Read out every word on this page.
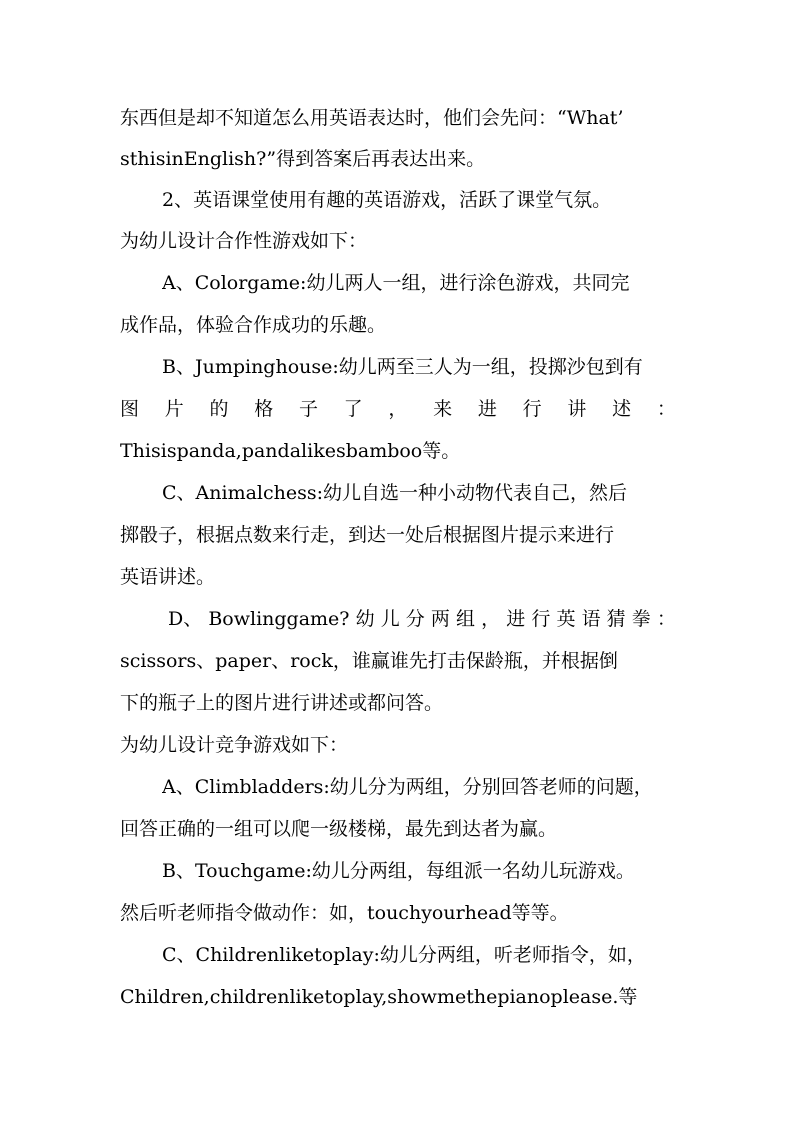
东西但是却不知道怎么用英语表达时，他们会先问：“What’
sthisinEnglish?”得到答案后再表达出来。
2、英语课堂使用有趣的英语游戏，活跃了课堂气氛。
为幼儿设计合作性游戏如下：
A、Colorgame:幼儿两人一组，进行涂色游戏，共同完
成作品，体验合作成功的乐趣。
B、Jumpinghouse:幼儿两至三人为一组，投掷沙包到有
图 片 的 格 子 了 ， 来 进 行 讲 述 ：
Thisispanda,pandalikesbamboo等。
C、Animalchess:幼儿自选一种小动物代表自己，然后
掷骰子，根据点数来行走，到达一处后根据图片提示来进行
英语讲述。
D、 Bowlinggame? 幼 儿 分 两 组 ， 进 行 英 语 猜 拳 ：
scissors、paper、rock，谁赢谁先打击保龄瓶，并根据倒
下的瓶子上的图片进行讲述或都问答。
为幼儿设计竞争游戏如下：
A、Climbladders:幼儿分为两组，分别回答老师的问题，
回答正确的一组可以爬一级楼梯，最先到达者为赢。
B、Touchgame:幼儿分两组，每组派一名幼儿玩游戏。
然后听老师指令做动作：如，touchyourhead等等。
C、Childrenliketoplay:幼儿分两组，听老师指令，如，
Children,childrenliketoplay,showmethepianoplease.等
